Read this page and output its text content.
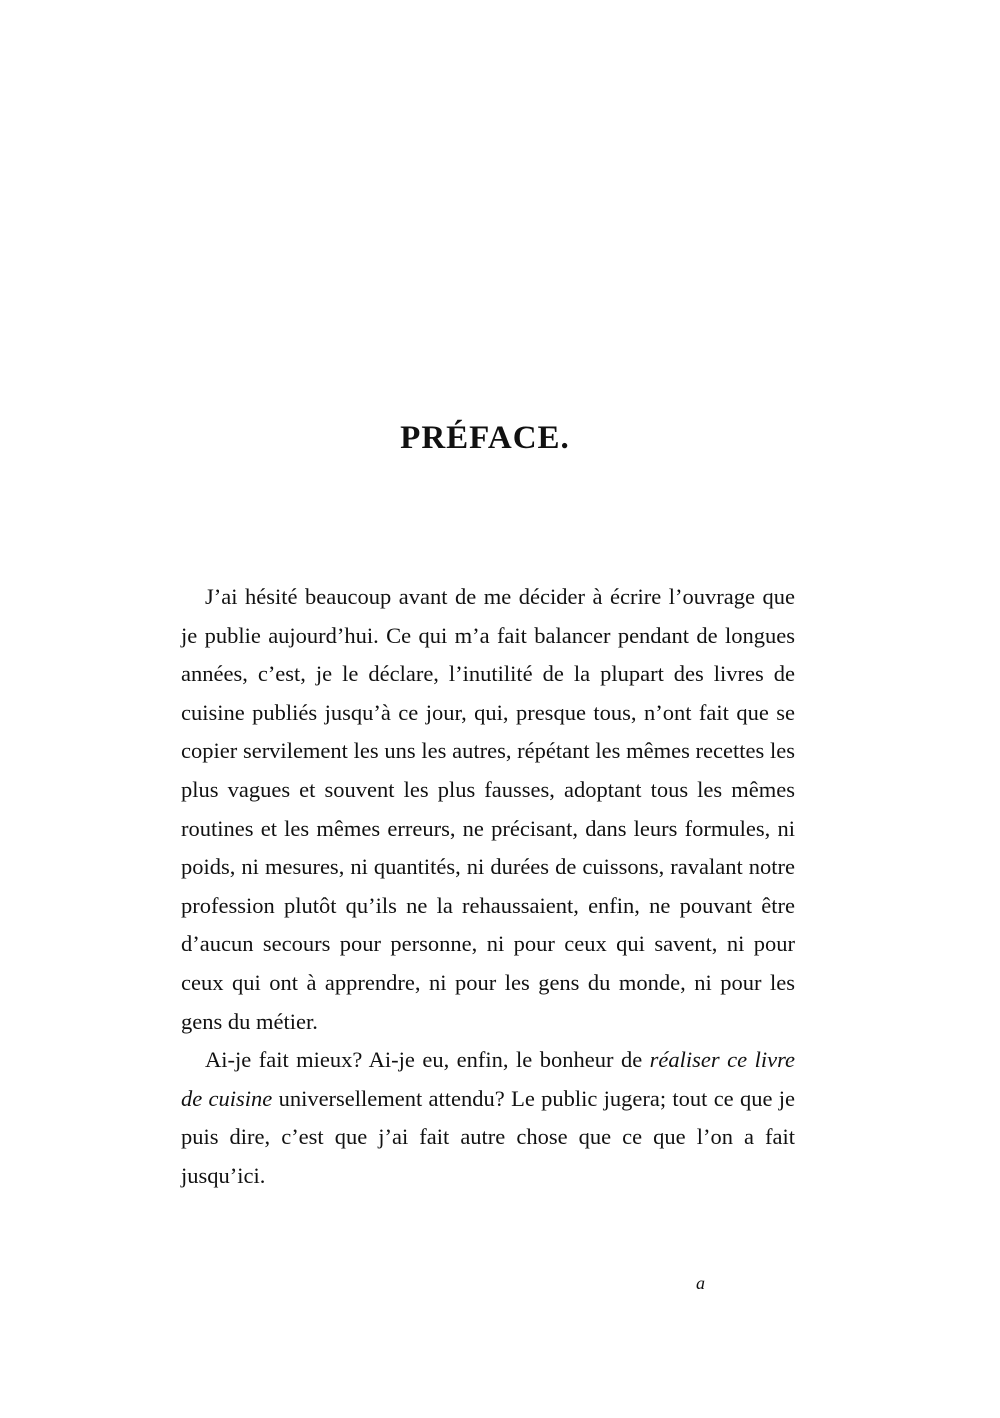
PRÉFACE.

J’ai hésité beaucoup avant de me décider à écrire l’ouvrage que je publie aujourd’hui. Ce qui m’a fait balancer pendant de longues années, c’est, je le déclare, l’inutilité de la plupart des livres de cuisine publiés jusqu’à ce jour, qui, presque tous, n’ont fait que se copier servilement les uns les autres, répétant les mêmes recettes les plus vagues et souvent les plus fausses, adoptant tous les mêmes routines et les mêmes erreurs, ne précisant, dans leurs formules, ni poids, ni mesures, ni quantités, ni durées de cuissons, ravalant notre profession plutôt qu’ils ne la rehaussaient, enfin, ne pouvant être d’aucun secours pour personne, ni pour ceux qui savent, ni pour ceux qui ont à apprendre, ni pour les gens du monde, ni pour les gens du métier.

Ai-je fait mieux? Ai-je eu, enfin, le bonheur de réaliser ce livre de cuisine universellement attendu? Le public jugera; tout ce que je puis dire, c’est que j’ai fait autre chose que ce que l’on a fait jusqu’ici.

a
